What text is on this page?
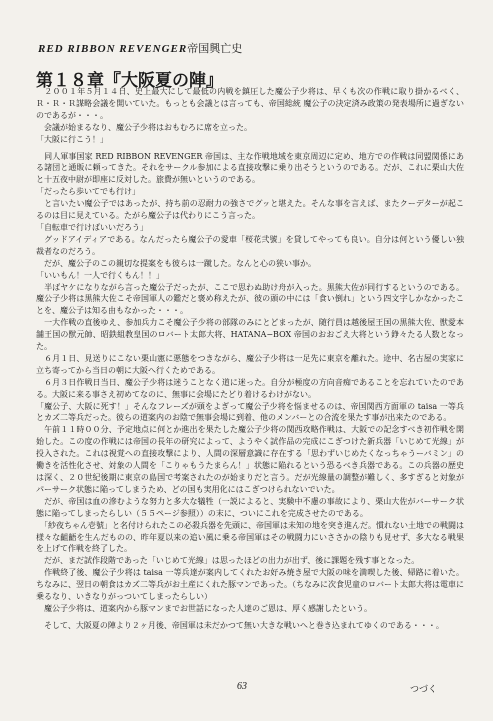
RED RIBBON REVENGER帝国興亡史
第１８章『大阪夏の陣』

　２００１年５月１４日、史上最大にして最低の内戦を鎮圧した魔公子少将は、早くも次の作戦に取り掛かるべく、Ｒ・Ｒ・Ｒ謀略会議を開いていた。もっとも会議とは言っても、帝国総統 魔公子の決定済み政策の発表場所に過ぎないのであるが・・・。

　会議が始まるなり、魔公子少将はおもむろに席を立った。

「大阪に行こう！」

　同人軍事国家 RED RIBBON REVENGER 帝国は、主な作戦地域を東京周辺に定め、地方での作戦は同盟関係にある諸団と通販に頼ってきた。それをサークル参加による直接攻撃に乗り出そうというのである。だが、これに栗山大佐と十五夜中尉が即座に反対した。旅費が無いというのである。

「だったら歩いてでも行け」

　と言いたい魔公子ではあったが、持ち前の忍耐力の強さでグッと堪えた。そんな事を言えば、またクーデターが起こるのは目に見えている。たがら魔公子は代わりにこう言った。

「自転車で行けばいいだろう」

　グッドアイディアである。なんだったら魔公子の愛車「桜花弐號」を貸してやっても良い。自分は何という優しい独裁者なのだろう。

　だが、魔公子のこの親切な提案をも彼らは一蹴した。なんと心の狭い事か。

「いいもん！一人で行くもん！！」

　半ばヤケになりながら言った魔公子だったが、ここで思わぬ助け舟が入った。黒熊大佐が同行するというのである。魔公子少将は黒熊大佐こそ帝国軍人の鑑だと褒め称えたが、彼の頭の中には「食い倒れ」という四文字しかなかったことを、魔公子は知る由もなかった・・・。

　一大作戦の直後ゆえ、参加兵力こそ魔公子少将の部隊のみにとどまったが、随行員は越後屋王国の黒熊大佐、獣愛本舗王国の獣元帥、昭鉄組教皇国のロバート太郎大将、HATANA−BOX 帝国のおおごえ大将という錚々たる人数となった。

　６月１日、見送りにこない栗山憲に悪態をつきながら、魔公子少将は一足先に東京を離れた。途中、名古屋の実家に立ち寄ってから当日の朝に大阪へ行くためである。

　６月３日作戦日当日、魔公子少将は迷うことなく道に迷った。自分が極度の方向音痴であることを忘れていたのである。大阪に来る事さえ初めてなのに、無事に会場にたどり着けるわけがない。

「魔公子、大阪に死す！」そんなフレーズが頭をよぎって魔公子少将を悩ませるのは、帝国関西方面軍の taisa 一等兵とカズ二等兵だった。彼らの道案内のお陰で無事会場に到着、他のメンバーとの合流を果たす事が出来たのである。

　午前１１時００分、予定地点に何とか進出を果たした魔公子少将の関西攻略作戦は、大阪での記念すべき初作戦を開始した。この度の作戦には帝国の長年の研究によって、ようやく試作品の完成にこぎつけた新兵器「いじめて光線」が投入された。これは視覚への直接攻撃により、人間の深層意識に存在する「思わずいじめたくなっちゃうーバミン」の働きを活性化させ、対象の人間を「こりゃもうたまらん！」状態に陥れるという恐るべき兵器である。この兵器の歴史は深く、２０世紀後期に東京の島国で考案されたのが始まりだと言う。だが光線量の調整が難しく、多すぎると対象がパーサーク状態に陥ってしまうため、どの国も実用化にはこぎつけられないでいた。

　だが、帝国は血の滲むような努力と多大な犠牲（一説によると、実験中不慮の事故により、栗山大佐がバーサーク状態に陥ってしまったらしい（５５ページ参照））の末に、ついにこれを完成させたのである。

　「紗夜ちゃん壱號」と名付けられたこの必殺兵器を先頭に、帝国軍は未知の地を突き進んだ。慣れない土地での戦闘は様々な齟齬を生んだものの、昨年夏以来の追い風に乗る帝国軍はその戦闘力にいささかの陰りも見せず、多大なる戦果を上げて作戦を終了した。

　だが、まだ試作段階であった「いじめて光線」は思ったほどの出力が出ず、後に課題を残す事となった。

　作戦終了後、魔公子少将は taisa 一等兵達が案内してくれたお好み焼き屋で大阪の味を満喫した後、帰路に着いた。ちなみに、翌日の朝食はカズ二等兵がお土産にくれた豚マンであった。（ちなみに次食児童のロバート太郎大将は電車に乗るなり、いきなりがっついてしまったらしい）

　魔公子少将は、道案内から豚マンまでお世話になった人達のご恩は、厚く感謝したという。

　そして、大阪夏の陣より２ヶ月後、帝国軍は未だかつて無い大きな戦いへと巻き込まれてゆくのである・・・。

63	つづく
